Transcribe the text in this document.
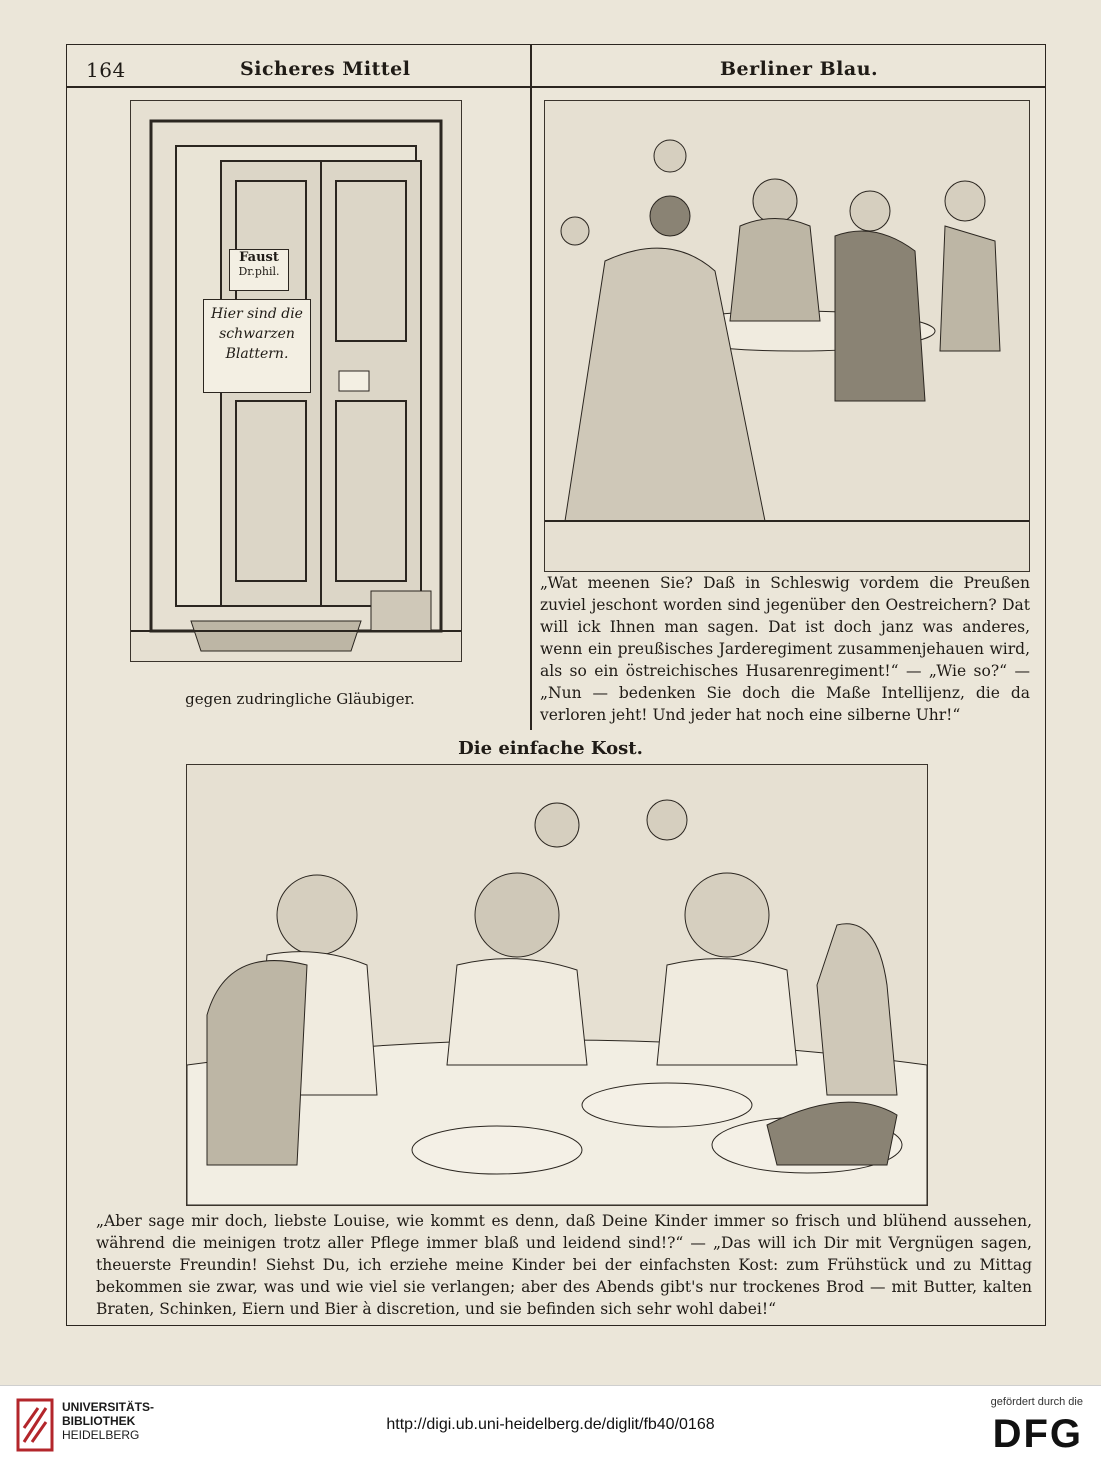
164	Sicheres Mittel	Berliner Blau.
Faust
Dr.phil.
Hier sind die schwarzen Blattern.
gegen zudringliche Gläubiger.
„Wat meenen Sie? Daß in Schleswig vordem die Preußen zuviel jeschont worden sind jegenüber den Oestreichern? Dat will ick Ihnen man sagen. Dat ist doch janz was anderes, wenn ein preußisches Jarderegiment zusammenjehauen wird, als so ein östreichisches Husarenregiment!“ — „Wie so?“ — „Nun — bedenken Sie doch die Maße Intellijenz, die da verloren jeht! Und jeder hat noch eine silberne Uhr!“
Die einfache Kost.
„Aber sage mir doch, liebste Louise, wie kommt es denn, daß Deine Kinder immer so frisch und blühend aussehen, während die meinigen trotz aller Pflege immer blaß und leidend sind!?“ — „Das will ich Dir mit Vergnügen sagen, theuerste Freundin! Siehst Du, ich erziehe meine Kinder bei der einfachsten Kost: zum Frühstück und zu Mittag bekommen sie zwar, was und wie viel sie verlangen; aber des Abends gibt's nur trockenes Brod — mit Butter, kalten Braten, Schinken, Eiern und Bier à discretion, und sie befinden sich sehr wohl dabei!“
UNIVERSITÄTS-
BIBLIOTHEK
HEIDELBERG
http://digi.ub.uni-heidelberg.de/diglit/fb40/0168
gefördert durch die
DFG
